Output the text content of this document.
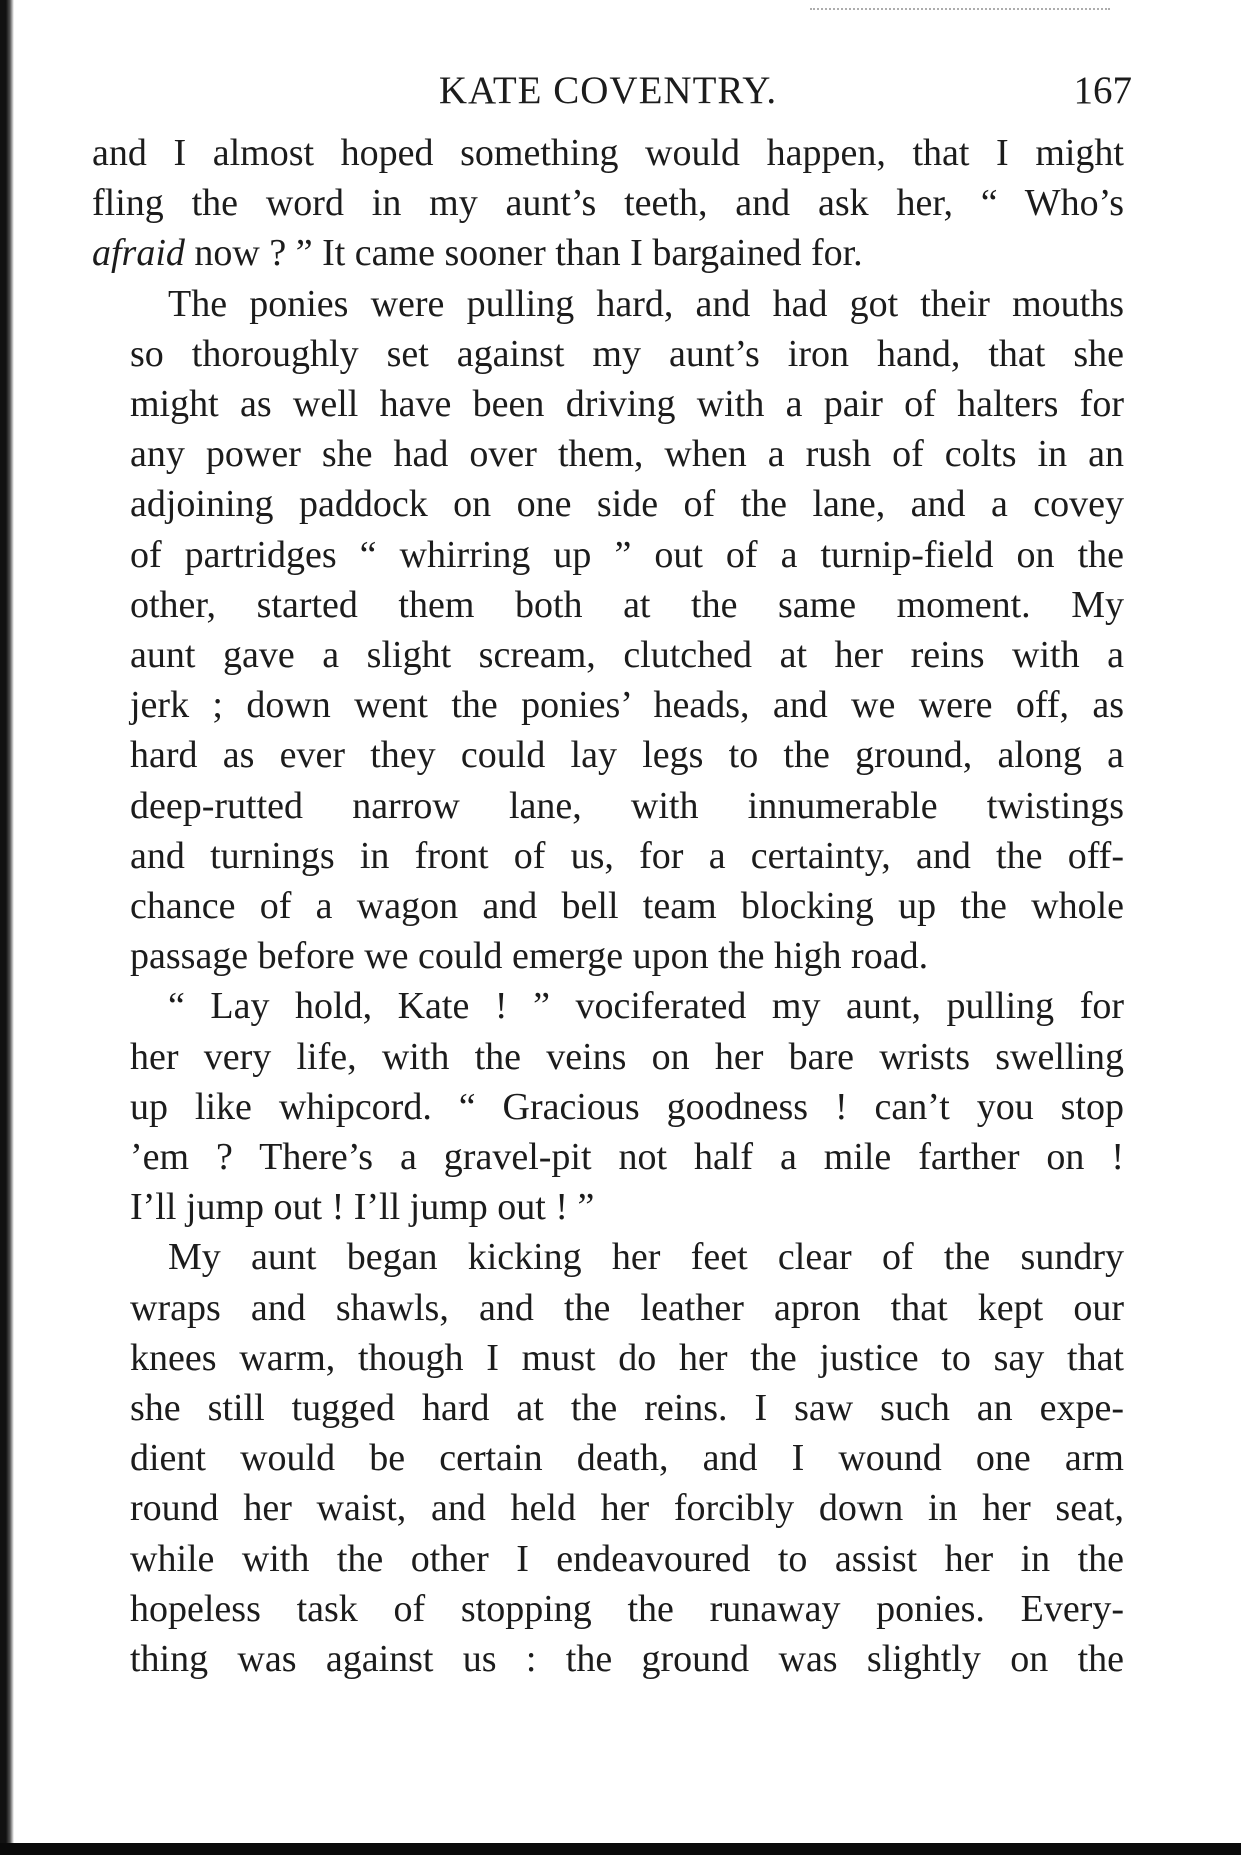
KATE COVENTRY.	167

and I almost hoped something would happen, that I might
fling the word in my aunt’s teeth, and ask her, “ Who’s
afraid now ? ” It came sooner than I bargained for.

The ponies were pulling hard, and had got their mouths
so thoroughly set against my aunt’s iron hand, that she
might as well have been driving with a pair of halters for
any power she had over them, when a rush of colts in an
adjoining paddock on one side of the lane, and a covey
of partridges “ whirring up ” out of a turnip-field on the
other, started them both at the same moment. My
aunt gave a slight scream, clutched at her reins with a
jerk ; down went the ponies’ heads, and we were off, as
hard as ever they could lay legs to the ground, along a
deep-rutted narrow lane, with innumerable twistings
and turnings in front of us, for a certainty, and the off-
chance of a wagon and bell team blocking up the whole
passage before we could emerge upon the high road.

“ Lay hold, Kate ! ” vociferated my aunt, pulling for
her very life, with the veins on her bare wrists swelling
up like whipcord. “ Gracious goodness ! can’t you stop
’em ? There’s a gravel-pit not half a mile farther on !
I’ll jump out ! I’ll jump out ! ”

My aunt began kicking her feet clear of the sundry
wraps and shawls, and the leather apron that kept our
knees warm, though I must do her the justice to say that
she still tugged hard at the reins. I saw such an expe-
dient would be certain death, and I wound one arm
round her waist, and held her forcibly down in her seat,
while with the other I endeavoured to assist her in the
hopeless task of stopping the runaway ponies. Every-
thing was against us : the ground was slightly on the
